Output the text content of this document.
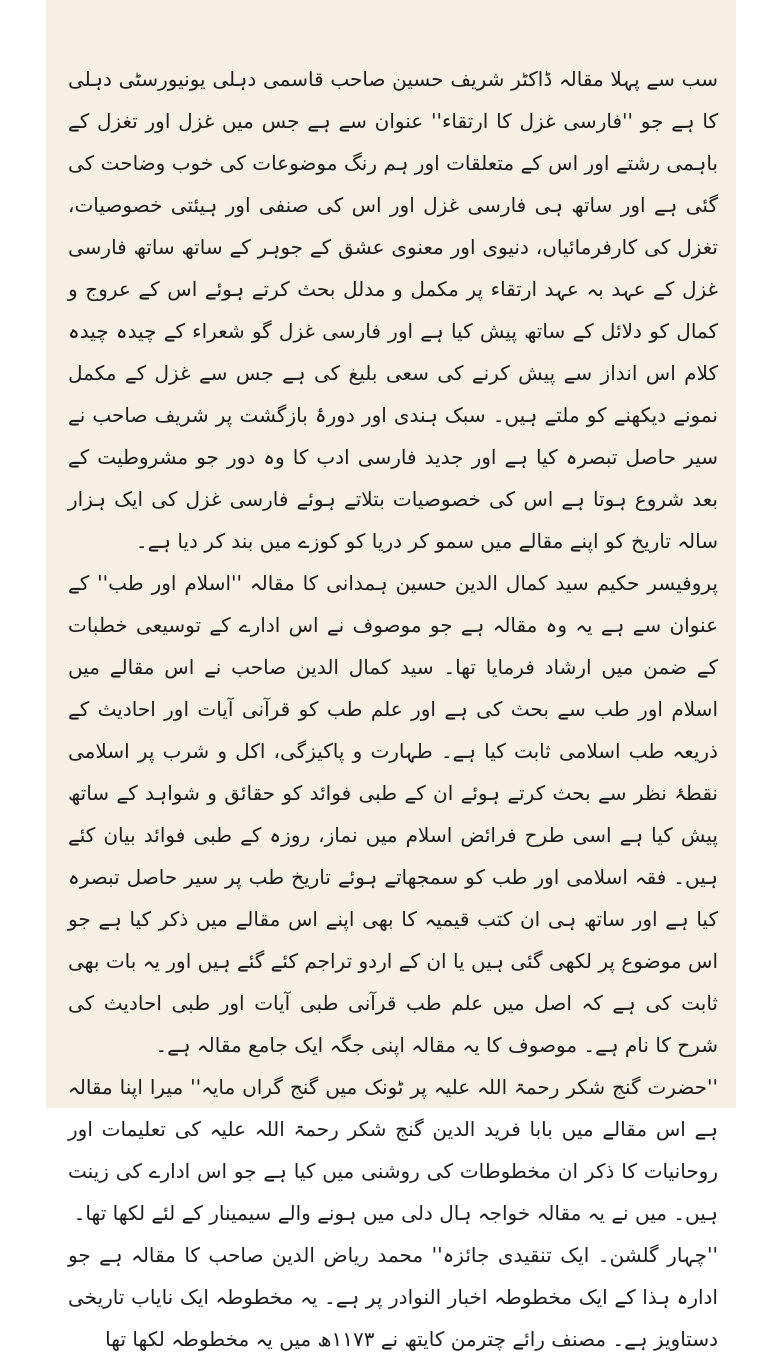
سب سے پہلا مقالہ ڈاکٹر شریف حسین صاحب قاسمی دہلی یونیورسٹی دہلی کا ہے جو ''فارسی غزل کا ارتقاء'' عنوان سے ہے جس میں غزل اور تغزل کے باہمی رشتے اور اس کے متعلقات اور ہم رنگ موضوعات کی خوب وضاحت کی گئی ہے اور ساتھ ہی فارسی غزل اور اس کی صنفی اور ہیئتی خصوصیات، تغزل کی کارفرمائیاں، دنیوی اور معنوی عشق کے جوہر کے ساتھ ساتھ فارسی غزل کے عہد بہ عہد ارتقاء پر مکمل و مدلل بحث کرتے ہوئے اس کے عروج و کمال کو دلائل کے ساتھ پیش کیا ہے اور فارسی غزل گو شعراء کے چیدہ چیدہ کلام اس انداز سے پیش کرنے کی سعی بلیغ کی ہے جس سے غزل کے مکمل نمونے دیکھنے کو ملتے ہیں۔ سبک ہندی اور دورۂ بازگشت پر شریف صاحب نے سیر حاصل تبصرہ کیا ہے اور جدید فارسی ادب کا وہ دور جو مشروطیت کے بعد شروع ہوتا ہے اس کی خصوصیات بتلاتے ہوئے فارسی غزل کی ایک ہزار سالہ تاریخ کو اپنے مقالے میں سمو کر دریا کو کوزے میں بند کر دیا ہے۔

پروفیسر حکیم سید کمال الدین حسین ہمدانی کا مقالہ ''اسلام اور طب'' کے عنوان سے ہے یہ وہ مقالہ ہے جو موصوف نے اس ادارے کے توسیعی خطبات کے ضمن میں ارشاد فرمایا تھا۔ سید کمال الدین صاحب نے اس مقالے میں اسلام اور طب سے بحث کی ہے اور علم طب کو قرآنی آیات اور احادیث کے ذریعہ طب اسلامی ثابت کیا ہے۔ طہارت و پاکیزگی، اکل و شرب پر اسلامی نقطۂ نظر سے بحث کرتے ہوئے ان کے طبی فوائد کو حقائق و شواہد کے ساتھ پیش کیا ہے اسی طرح فرائض اسلام میں نماز، روزہ کے طبی فوائد بیان کئے ہیں۔ فقہ اسلامی اور طب کو سمجھاتے ہوئے تاریخ طب پر سیر حاصل تبصرہ کیا ہے اور ساتھ ہی ان کتب قیمیہ کا بھی اپنے اس مقالے میں ذکر کیا ہے جو اس موضوع پر لکھی گئی ہیں یا ان کے اردو تراجم کئے گئے ہیں اور یہ بات بھی ثابت کی ہے کہ اصل میں علم طب قرآنی طبی آیات اور طبی احادیث کی شرح کا نام ہے۔ موصوف کا یہ مقالہ اپنی جگہ ایک جامع مقالہ ہے۔

''حضرت گنج شکر رحمۃ اللہ علیہ پر ٹونک میں گنج گراں مایہ'' میرا اپنا مقالہ ہے اس مقالے میں بابا فرید الدین گنج شکر رحمۃ اللہ علیہ کی تعلیمات اور روحانیات کا ذکر ان مخطوطات کی روشنی میں کیا ہے جو اس ادارے کی زینت ہیں۔ میں نے یہ مقالہ خواجہ ہال دلی میں ہونے والے سیمینار کے لئے لکھا تھا۔

''چہار گلشن۔ ایک تنقیدی جائزہ'' محمد ریاض الدین صاحب کا مقالہ ہے جو ادارہ ہذا کے ایک مخطوطہ اخبار النوادر پر ہے۔ یہ مخطوطہ ایک نایاب تاریخی دستاویز ہے۔ مصنف رائے چترمن کایتھ نے ۱۱۷۳ھ میں یہ مخطوطہ لکھا تھا
